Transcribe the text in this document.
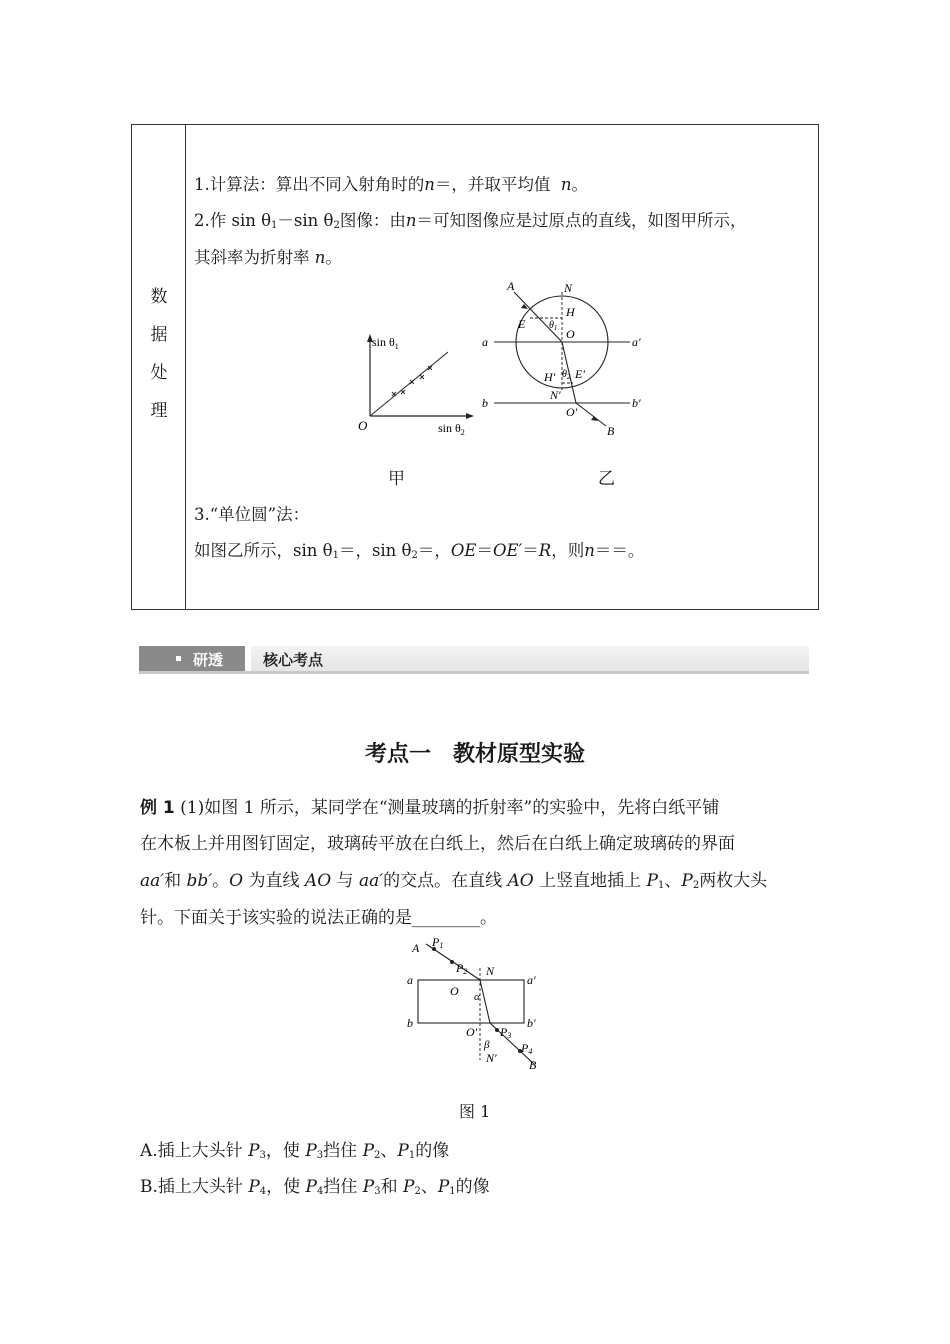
数
据
处
理
1.计算法：算出不同入射角时的n＝，并取平均值 n。
2.作 $\sin \theta_1-\sin$ $\theta_2$图像：由n＝可知图像应是过原点的直线，如图甲所示，
其斜率为折射率 n。
$\sin \theta_1$
$\sin \theta_2$
O
A	N
H
E $\theta_1$ O
a	a′
H′ $\theta_2$ E′
N′
b	b′
O′
B
甲	乙
3.“单位圆”法：
如图乙所示，$\sin \theta_1=$，$\sin \theta_2=$，OE＝OE′＝R，则n＝＝。
研透	核心考点
考点一　教材原型实验
例 1 (1)如图 1 所示，某同学在“测量玻璃的折射率”的实验中，先将白纸平铺
在木板上并用图钉固定，玻璃砖平放在白纸上，然后在白纸上确定玻璃砖的界面
aa′和 bb′。O 为直线 AO 与 aa′的交点。在直线 AO 上竖直地插上 $P_1$、$P_2$两枚大头
针。下面关于该实验的说法正确的是________。
A P1
P2 N
a	a′
O α
b	b′
O′ P3
β	P4
N′	B
图 1
A.插上大头针 $P_3$，使 $P_3$挡住 $P_2$、$P_1$的像
B.插上大头针 $P_4$，使 $P_4$挡住 $P_3$和 $P_2$、$P_1$的像
